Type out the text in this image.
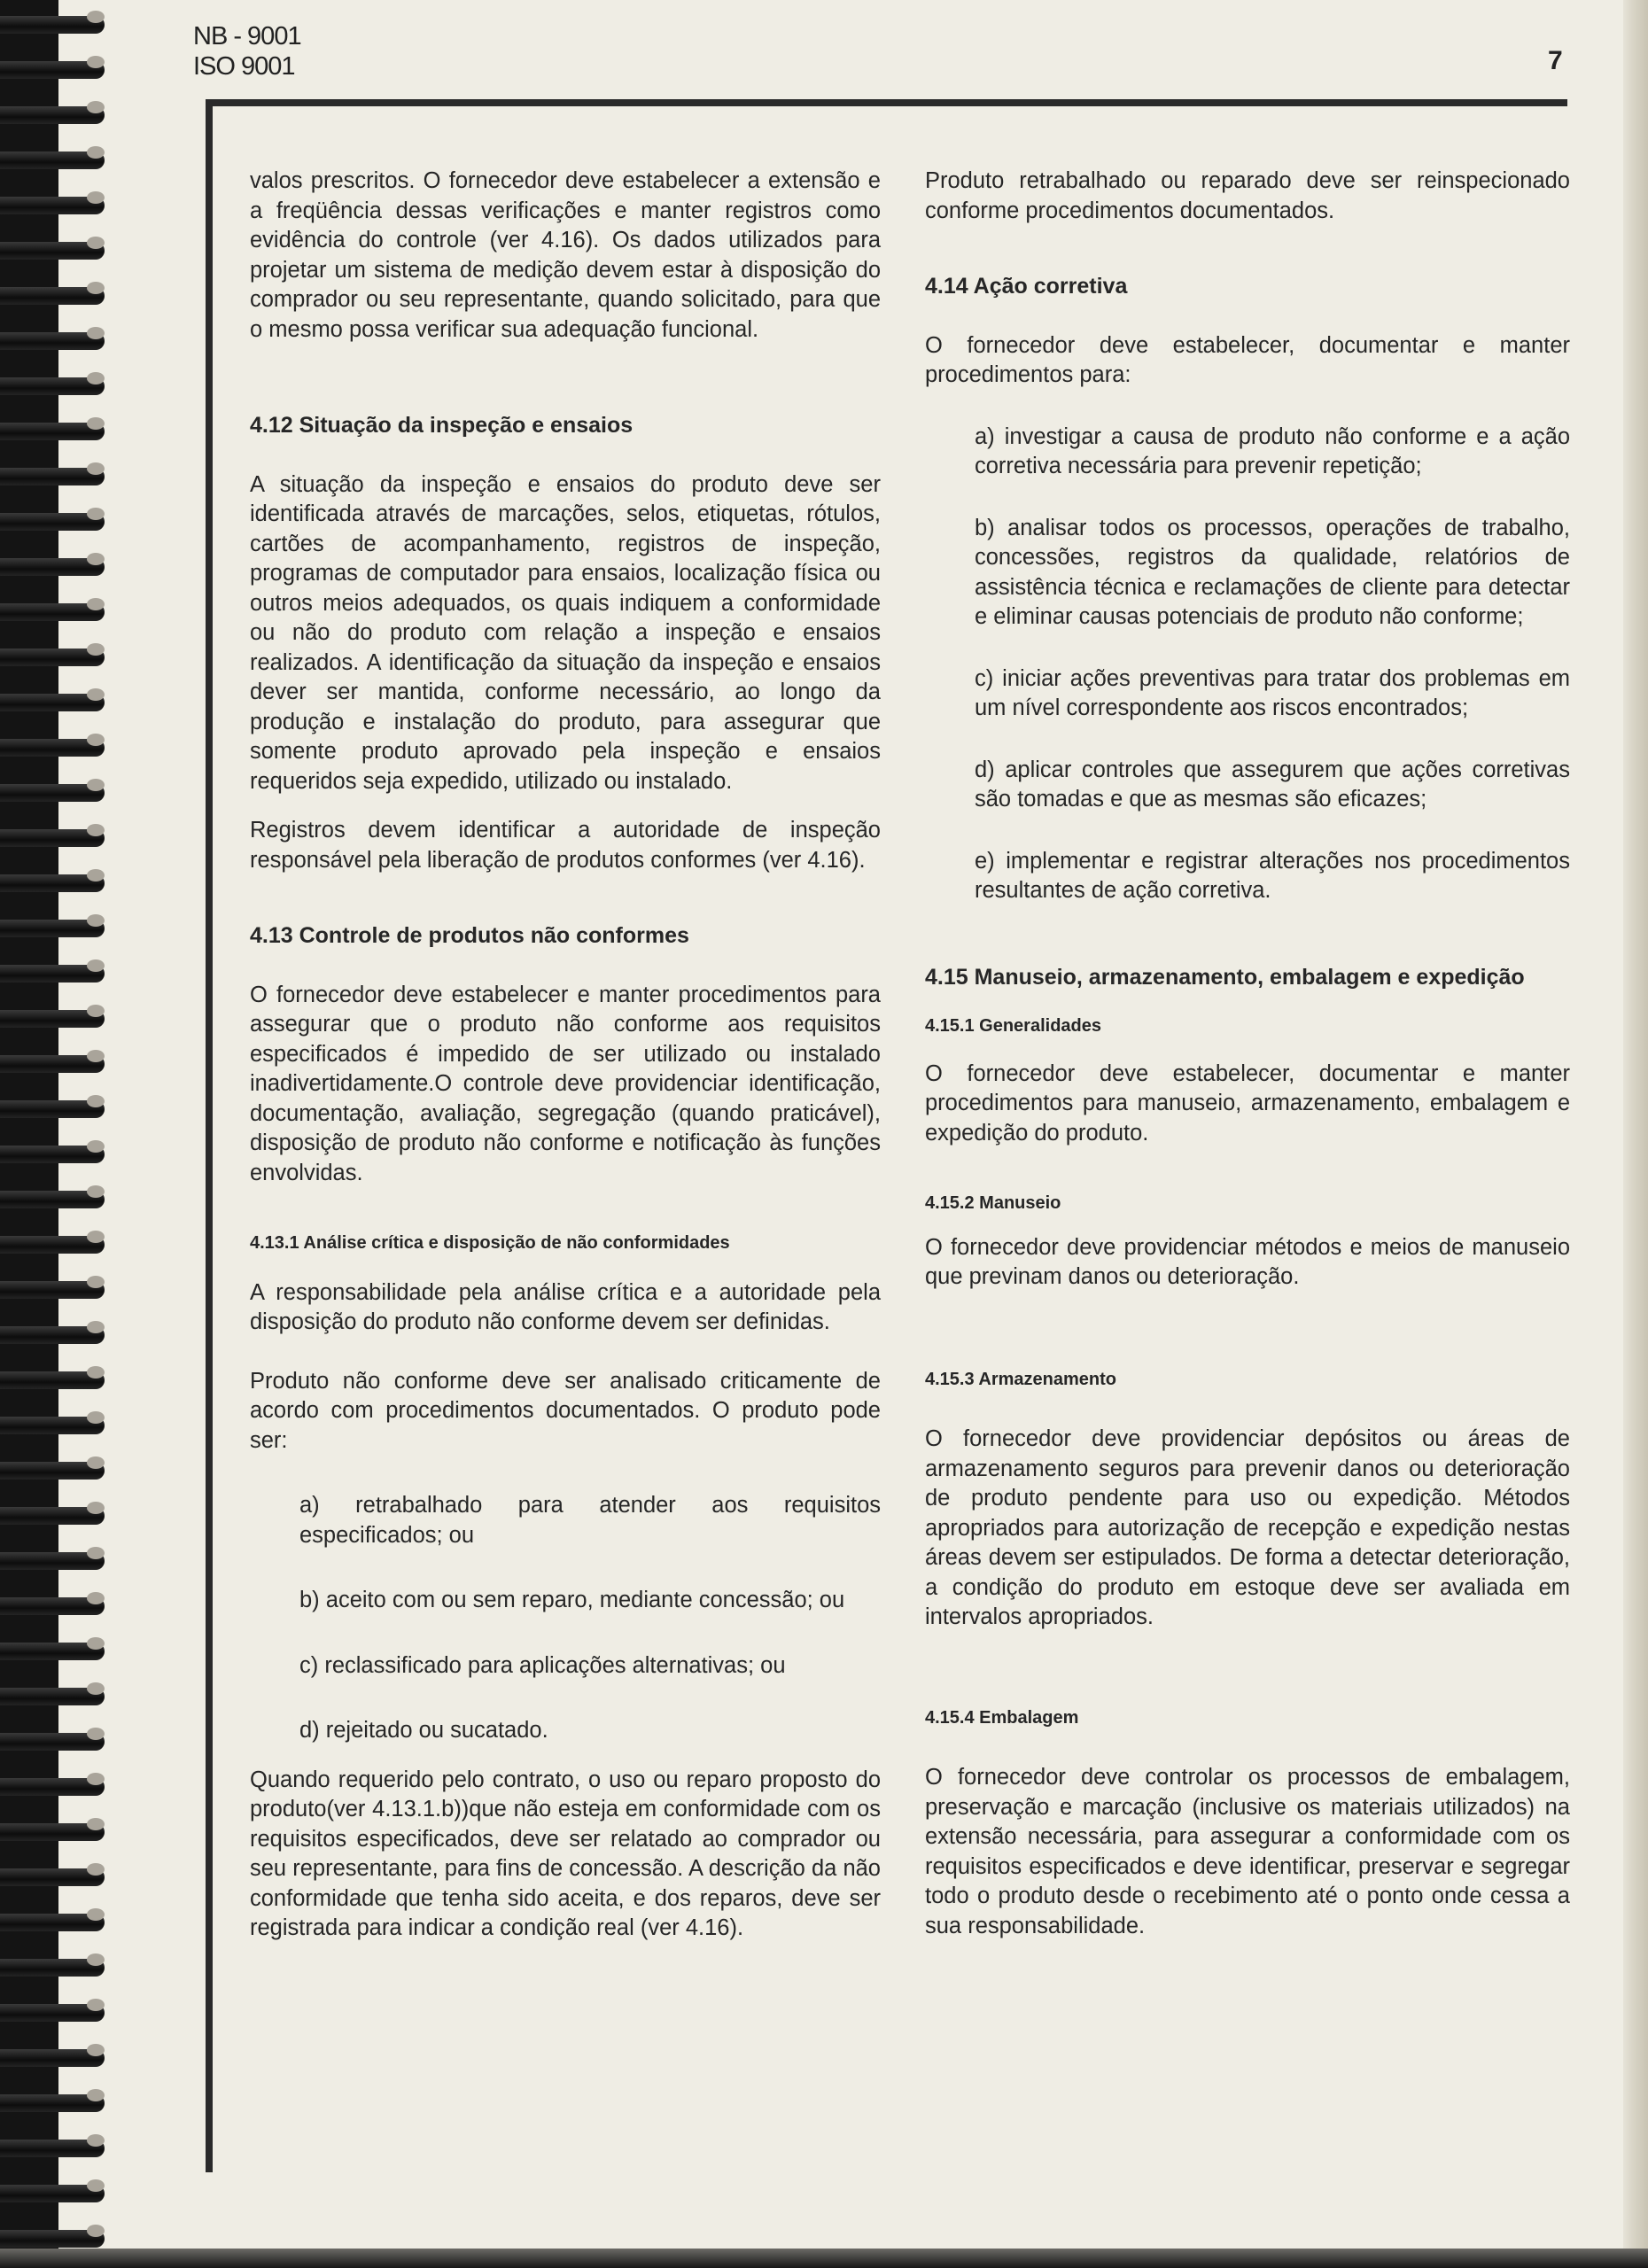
NB - 9001
ISO 9001	7

valos prescritos. O fornecedor deve estabelecer a extensão e a freqüência dessas verificações e manter registros como evidência do controle (ver 4.16). Os dados utilizados para projetar um sistema de medição devem estar à disposição do comprador ou seu representante, quando solicitado, para que o mesmo possa verificar sua adequação funcional.

4.12 Situação da inspeção e ensaios

A situação da inspeção e ensaios do produto deve ser identificada através de marcações, selos, etiquetas, rótulos, cartões de acompanhamento, registros de inspeção, programas de computador para ensaios, localização física ou outros meios adequados, os quais indiquem a conformidade ou não do produto com relação a inspeção e ensaios realizados. A identificação da situação da inspeção e ensaios dever ser mantida, conforme necessário, ao longo da produção e instalação do produto, para assegurar que somente produto aprovado pela inspeção e ensaios requeridos seja expedido, utilizado ou instalado.

Registros devem identificar a autoridade de inspeção responsável pela liberação de produtos conformes (ver 4.16).

4.13 Controle de produtos não conformes

O fornecedor deve estabelecer e manter procedimentos para assegurar que o produto não conforme aos requisitos especificados é impedido de ser utilizado ou instalado inadivertidamente.O controle deve providenciar identificação, documentação, avaliação, segregação (quando praticável), disposição de produto não conforme e notificação às funções envolvidas.

4.13.1 Análise crítica e disposição de não conformidades

A responsabilidade pela análise crítica e a autoridade pela disposição do produto não conforme devem ser definidas.

Produto não conforme deve ser analisado criticamente de acordo com procedimentos documentados. O produto pode ser:

a) retrabalhado para atender aos requisitos especificados; ou

b) aceito com ou sem reparo, mediante concessão; ou

c) reclassificado para aplicações alternativas; ou

d) rejeitado ou sucatado.

Quando requerido pelo contrato, o uso ou reparo proposto do produto(ver 4.13.1.b))que não esteja em conformidade com os requisitos especificados, deve ser relatado ao comprador ou seu representante, para fins de concessão. A descrição da não conformidade que tenha sido aceita, e dos reparos, deve ser registrada para indicar a condição real (ver 4.16).

Produto retrabalhado ou reparado deve ser reinspecionado conforme procedimentos documentados.

4.14 Ação corretiva

O fornecedor deve estabelecer, documentar e manter procedimentos para:

a) investigar a causa de produto não conforme e a ação corretiva necessária para prevenir repetição;

b) analisar todos os processos, operações de trabalho, concessões, registros da qualidade, relatórios de assistência técnica e reclamações de cliente para detectar e eliminar causas potenciais de produto não conforme;

c) iniciar ações preventivas para tratar dos problemas em um nível correspondente aos riscos encontrados;

d) aplicar controles que assegurem que ações corretivas são tomadas e que as mesmas são eficazes;

e) implementar e registrar alterações nos procedimentos resultantes de ação corretiva.

4.15 Manuseio, armazenamento, embalagem e expedição

4.15.1 Generalidades

O fornecedor deve estabelecer, documentar e manter procedimentos para manuseio, armazenamento, embalagem e expedição do produto.

4.15.2 Manuseio

O fornecedor deve providenciar métodos e meios de manuseio que previnam danos ou deterioração.

4.15.3 Armazenamento

O fornecedor deve providenciar depósitos ou áreas de armazenamento seguros para prevenir danos ou deterioração de produto pendente para uso ou expedição. Métodos apropriados para autorização de recepção e expedição nestas áreas devem ser estipulados. De forma a detectar deterioração, a condição do produto em estoque deve ser avaliada em intervalos apropriados.

4.15.4 Embalagem

O fornecedor deve controlar os processos de embalagem, preservação e marcação (inclusive os materiais utilizados) na extensão necessária, para assegurar a conformidade com os requisitos especificados e deve identificar, preservar e segregar todo o produto desde o recebimento até o ponto onde cessa a sua responsabilidade.
